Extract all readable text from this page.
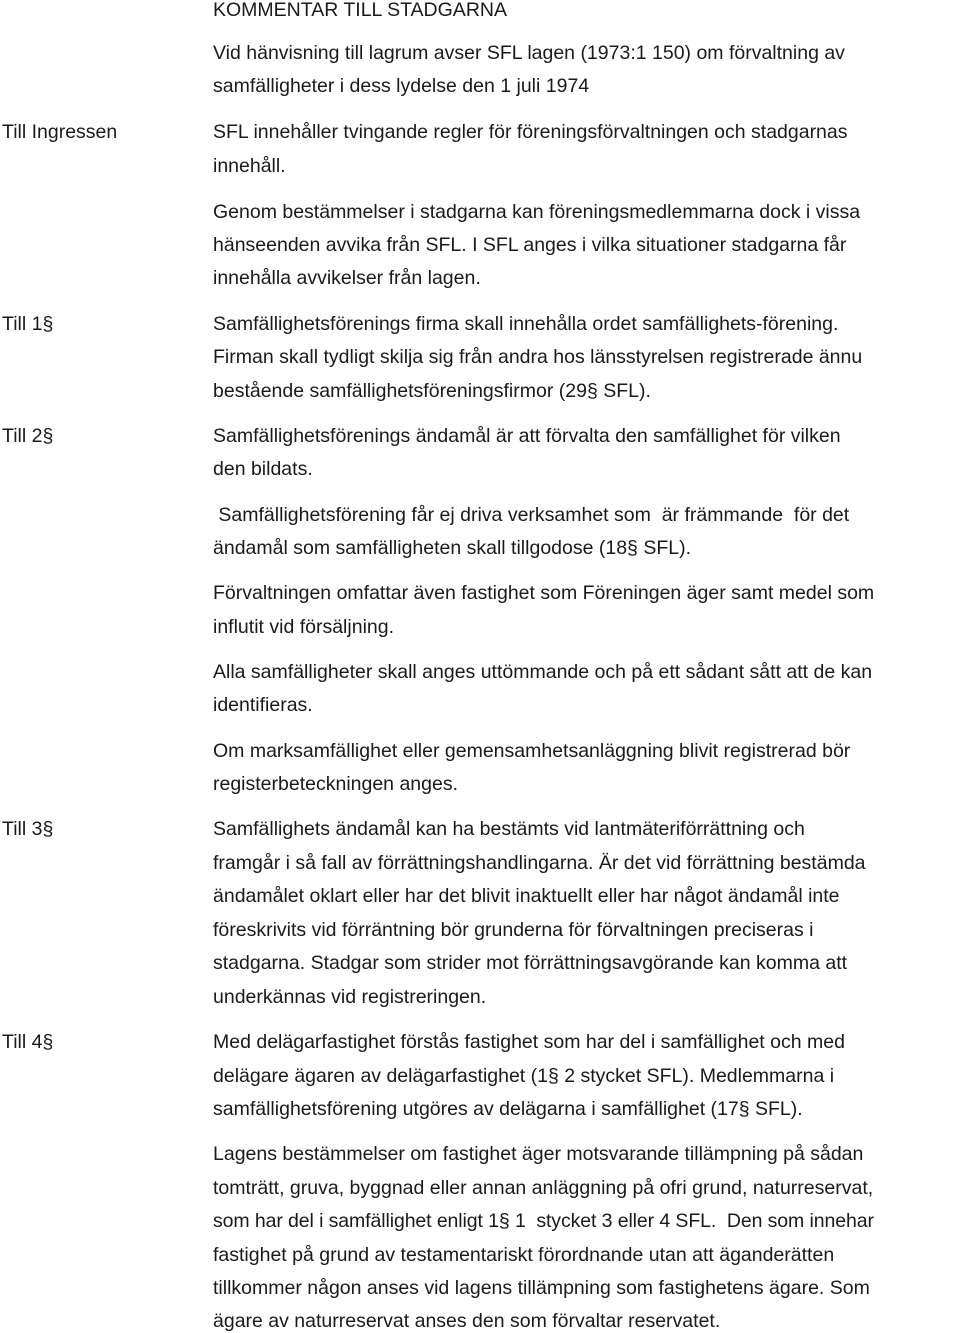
KOMMENTAR TILL STADGARNA

Vid hänvisning till lagrum avser SFL lagen (1973:1 150) om förvaltning av

samfälligheter i dess lydelse den 1 juli 1974

Till Ingressen	SFL innehåller tvingande regler för föreningsförvaltningen och stadgarnas

innehåll.

Genom bestämmelser i stadgarna kan föreningsmedlemmarna dock i vissa

hänseenden avvika från SFL. I SFL anges i vilka situationer stadgarna får

innehålla avvikelser från lagen.

Till 1§	Samfällighetsförenings firma skall innehålla ordet samfällighets-förening.

Firman skall tydligt skilja sig från andra hos länsstyrelsen registrerade ännu

bestående samfällighetsföreningsfirmor (29§ SFL).

Till 2§	Samfällighetsförenings ändamål är att förvalta den samfällighet för vilken

den bildats.

Samfällighetsförening får ej driva verksamhet som  är främmande  för det

ändamål som samfälligheten skall tillgodose (18§ SFL).

Förvaltningen omfattar även fastighet som Föreningen äger samt medel som

influtit vid försäljning.

Alla samfälligheter skall anges uttömmande och på ett sådant sått att de kan

identifieras.

Om marksamfällighet eller gemensamhetsanläggning blivit registrerad bör

registerbeteckningen anges.

Till 3§	Samfällighets ändamål kan ha bestämts vid lantmäteriförrättning och

framgår i så fall av förrättningshandlingarna. Är det vid förrättning bestämda

ändamålet oklart eller har det blivit inaktuellt eller har något ändamål inte

föreskrivits vid förräntning bör grunderna för förvaltningen preciseras i

stadgarna. Stadgar som strider mot förrättningsavgörande kan komma att

underkännas vid registreringen.

Till 4§	Med delägarfastighet förstås fastighet som har del i samfällighet och med

delägare ägaren av delägarfastighet (1§ 2 stycket SFL). Medlemmarna i

samfällighetsförening utgöres av delägarna i samfällighet (17§ SFL).

Lagens bestämmelser om fastighet äger motsvarande tillämpning på sådan

tomträtt, gruva, byggnad eller annan anläggning på ofri grund, naturreservat,

som har del i samfällighet enligt 1§ 1  stycket 3 eller 4 SFL.  Den som innehar

fastighet på grund av testamentariskt förordnande utan att äganderätten

tillkommer någon anses vid lagens tillämpning som fastighetens ägare. Som

ägare av naturreservat anses den som förvaltar reservatet.
